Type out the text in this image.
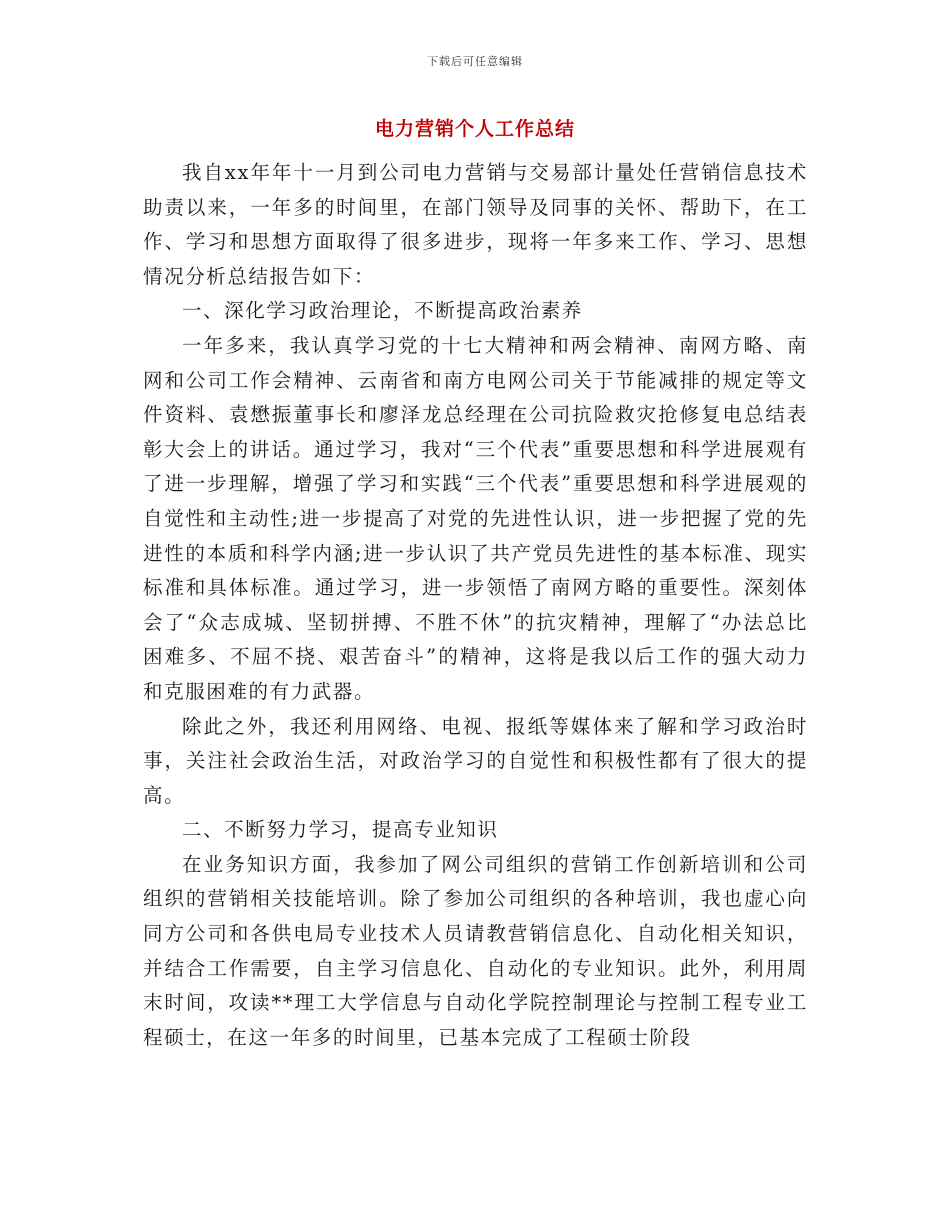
下载后可任意编辑
电力营销个人工作总结

我自xx年年十一月到公司电力营销与交易部计量处任营销信息技术助责以来，一年多的时间里，在部门领导及同事的关怀、帮助下，在工作、学习和思想方面取得了很多进步，现将一年多来工作、学习、思想情况分析总结报告如下：

一、深化学习政治理论，不断提高政治素养

一年多来，我认真学习党的十七大精神和两会精神、南网方略、南网和公司工作会精神、云南省和南方电网公司关于节能减排的规定等文件资料、袁懋振董事长和廖泽龙总经理在公司抗险救灾抢修复电总结表彰大会上的讲话。通过学习，我对“三个代表”重要思想和科学进展观有了进一步理解，增强了学习和实践“三个代表”重要思想和科学进展观的自觉性和主动性;进一步提高了对党的先进性认识，进一步把握了党的先进性的本质和科学内涵;进一步认识了共产党员先进性的基本标准、现实标准和具体标准。通过学习，进一步领悟了南网方略的重要性。深刻体会了“众志成城、坚韧拼搏、不胜不休”的抗灾精神，理解了“办法总比困难多、不屈不挠、艰苦奋斗”的精神，这将是我以后工作的强大动力和克服困难的有力武器。

除此之外，我还利用网络、电视、报纸等媒体来了解和学习政治时事，关注社会政治生活，对政治学习的自觉性和积极性都有了很大的提高。

二、不断努力学习，提高专业知识

在业务知识方面，我参加了网公司组织的营销工作创新培训和公司组织的营销相关技能培训。除了参加公司组织的各种培训，我也虚心向同方公司和各供电局专业技术人员请教营销信息化、自动化相关知识，并结合工作需要，自主学习信息化、自动化的专业知识。此外，利用周末时间，攻读**理工大学信息与自动化学院控制理论与控制工程专业工程硕士，在这一年多的时间里，已基本完成了工程硕士阶段
